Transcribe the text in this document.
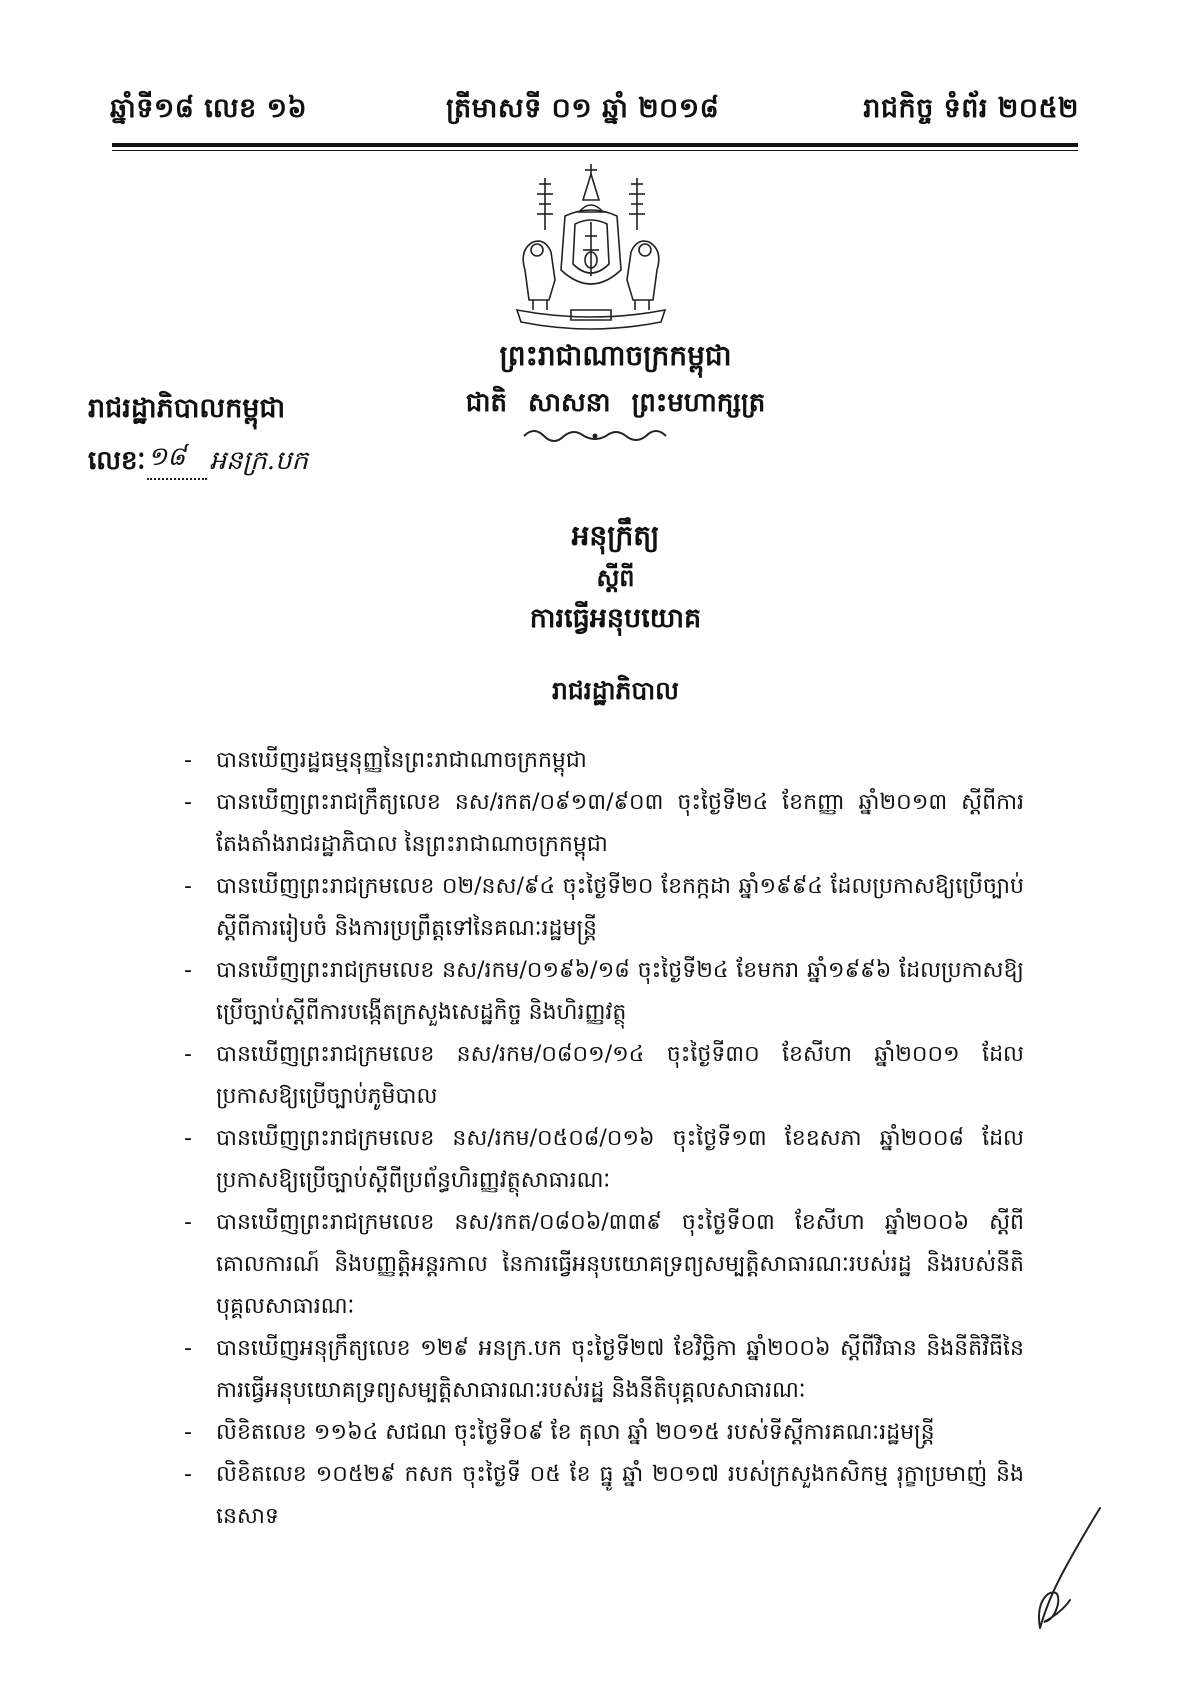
ឆ្នាំទី១៨ លេខ ១៦	ត្រីមាសទី ០១ ឆ្នាំ ២០១៨	រាជកិច្ច ទំព័រ ២០៥២
ព្រះរាជាណាចក្រកម្ពុជា
ជាតិ សាសនា ព្រះមហាក្សត្រ
រាជរដ្ឋាភិបាលកម្ពុជា
លេខៈ១៨ អនក្រ.បក
អនុក្រឹត្យ
ស្តីពី
ការធ្វើអនុបយោគ
រាជរដ្ឋាភិបាល
- បានឃើញរដ្ឋធម្មនុញ្ញនៃព្រះរាជាណាចក្រកម្ពុជា
- បានឃើញព្រះរាជក្រឹត្យលេខ នស/រកត/០៩១៣/៩០៣ ចុះថ្ងៃទី២៤ ខែកញ្ញា ឆ្នាំ២០១៣ ស្តីពីការតែងតាំងរាជរដ្ឋាភិបាល នៃព្រះរាជាណាចក្រកម្ពុជា
- បានឃើញព្រះរាជក្រមលេខ ០២/នស/៩៤ ចុះថ្ងៃទី២០ ខែកក្កដា ឆ្នាំ១៩៩៤ ដែលប្រកាសឱ្យប្រើច្បាប់ ស្តីពីការរៀបចំ និងការប្រព្រឹត្តទៅនៃគណៈរដ្ឋមន្ត្រី
- បានឃើញព្រះរាជក្រមលេខ នស/រកម/០១៩៦/១៨ ចុះថ្ងៃទី២៤ ខែមករា ឆ្នាំ១៩៩៦ ដែលប្រកាសឱ្យប្រើច្បាប់ស្តីពីការបង្កើតក្រសួងសេដ្ឋកិច្ច និងហិរញ្ញវត្ថុ
- បានឃើញព្រះរាជក្រមលេខ នស/រកម/០៨០១/១៤ ចុះថ្ងៃទី៣០ ខែសីហា ឆ្នាំ២០០១ ដែលប្រកាសឱ្យប្រើច្បាប់ភូមិបាល
- បានឃើញព្រះរាជក្រមលេខ នស/រកម/០៥០៨/០១៦ ចុះថ្ងៃទី១៣ ខែឧសភា ឆ្នាំ២០០៨ ដែលប្រកាសឱ្យប្រើច្បាប់ស្តីពីប្រព័ន្ធហិរញ្ញវត្ថុសាធារណៈ
- បានឃើញព្រះរាជក្រមលេខ នស/រកត/០៨០៦/៣៣៩ ចុះថ្ងៃទី០៣ ខែសីហា ឆ្នាំ២០០៦ ស្តីពីគោលការណ៍ និងបញ្ញត្តិអន្តរកាល នៃការធ្វើអនុបយោគទ្រព្យសម្បត្តិសាធារណៈរបស់រដ្ឋ និងរបស់នីតិបុគ្គលសាធារណៈ
- បានឃើញអនុក្រឹត្យលេខ ១២៩ អនក្រ.បក ចុះថ្ងៃទី២៧ ខែវិច្ឆិកា ឆ្នាំ២០០៦ ស្តីពីវិធាន និងនីតិវិធីនៃការធ្វើអនុបយោគទ្រព្យសម្បត្តិសាធារណៈរបស់រដ្ឋ និងនីតិបុគ្គលសាធារណៈ
- លិខិតលេខ ១១៦៤ សជណ ចុះថ្ងៃទី០៩ ខែ តុលា ឆ្នាំ ២០១៥ របស់ទីស្តីការគណៈរដ្ឋមន្ត្រី
- លិខិតលេខ ១០៥២៩ កសក ចុះថ្ងៃទី ០៥ ខែ ធ្នូ ឆ្នាំ ២០១៧ របស់ក្រសួងកសិកម្ម រុក្ខាប្រមាញ់ និងនេសាទ
